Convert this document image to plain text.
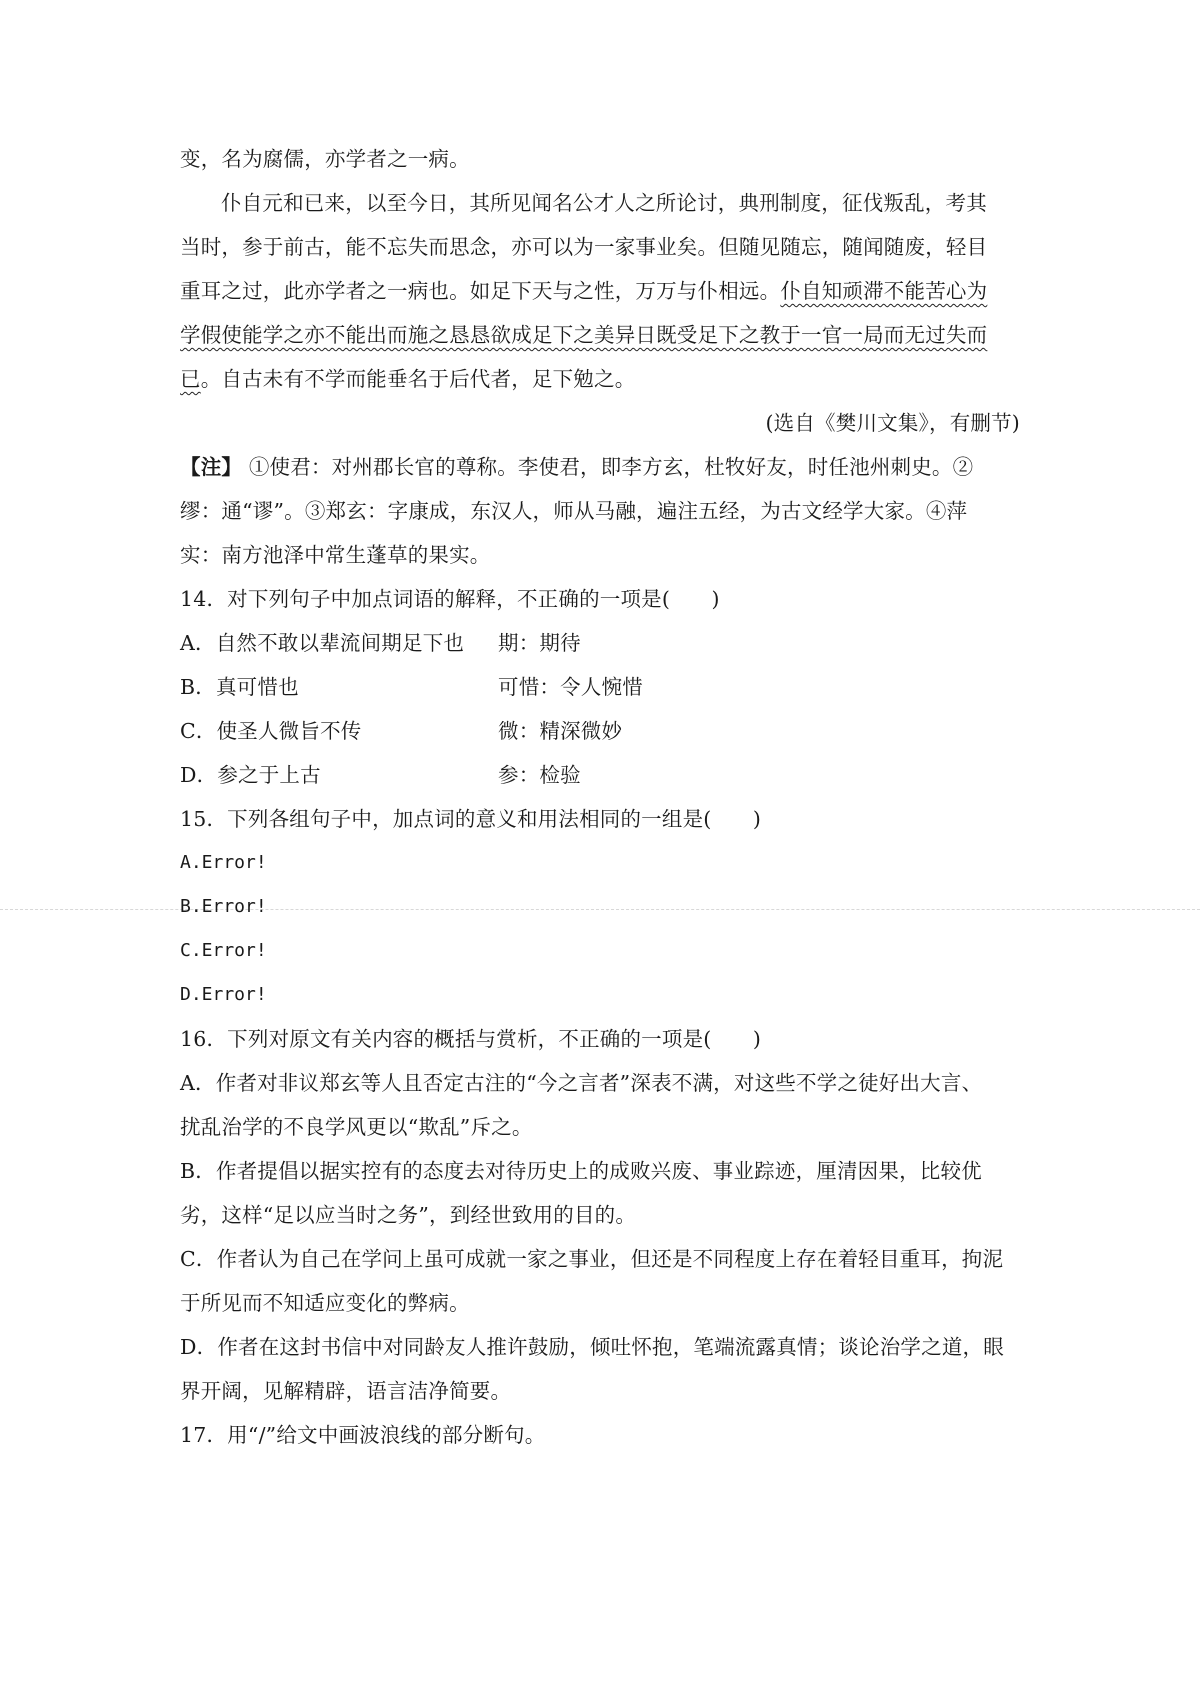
变，名为腐儒，亦学者之一病。
仆自元和已来，以至今日，其所见闻名公才人之所论讨，典刑制度，征伐叛乱，考其
当时，参于前古，能不忘失而思念，亦可以为一家事业矣。但随见随忘，随闻随废，轻目
重耳之过，此亦学者之一病也。如足下天与之性，万万与仆相远。仆自知顽滞不能苦心为
学假使能学之亦不能出而施之恳恳欲成足下之美异日既受足下之教于一官一局而无过失而
已。自古未有不学而能垂名于后代者，足下勉之。
(选自《樊川文集》，有删节)
【注】 ①使君：对州郡长官的尊称。李使君，即李方玄，杜牧好友，时任池州刺史。②
缪：通“谬”。③郑玄：字康成，东汉人，师从马融，遍注五经，为古文经学大家。④萍
实：南方池泽中常生蓬草的果实。
14．对下列句子中加点词语的解释，不正确的一项是(　　)
A．自然不敢以辈流间期足下也 期：期待
B．真可惜也	可惜：令人惋惜
C．使圣人微旨不传	微：精深微妙
D．参之于上古	参：检验
15．下列各组句子中，加点词的意义和用法相同的一组是(　　)
A.Error!
B.Error!
C.Error!
D.Error!
16．下列对原文有关内容的概括与赏析，不正确的一项是(　　)
A．作者对非议郑玄等人且否定古注的“今之言者”深表不满，对这些不学之徒好出大言、
扰乱治学的不良学风更以“欺乱”斥之。
B．作者提倡以据实控有的态度去对待历史上的成败兴废、事业踪迹，厘清因果，比较优
劣，这样“足以应当时之务”，到经世致用的目的。
C．作者认为自己在学问上虽可成就一家之事业，但还是不同程度上存在着轻目重耳，拘泥
于所见而不知适应变化的弊病。
D．作者在这封书信中对同龄友人推许鼓励，倾吐怀抱，笔端流露真情；谈论治学之道，眼
界开阔，见解精辟，语言洁净简要。
17．用“/”给文中画波浪线的部分断句。
